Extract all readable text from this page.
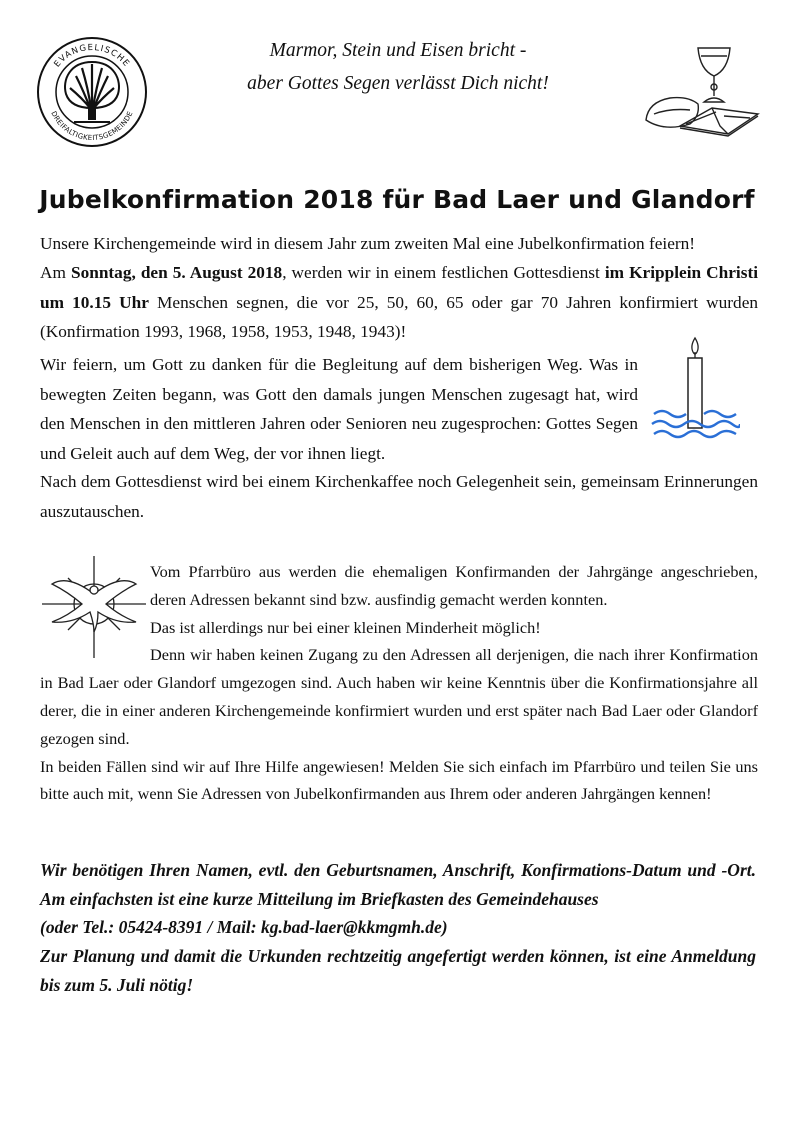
EVANGELISCHE
DREIFALTIGKEITSGEMEINDE
Marmor, Stein und Eisen bricht -
aber Gottes Segen verlässt Dich nicht!
Jubelkonfirmation 2018 für Bad Laer und Glandorf
Unsere Kirchengemeinde wird in diesem Jahr zum zweiten Mal eine Jubelkonfirmation feiern!
Am Sonntag, den 5. August 2018, werden wir in einem festlichen Gottesdienst im Kripplein Christi um 10.15 Uhr Menschen segnen, die vor 25, 50, 60, 65 oder gar 70 Jahren konfirmiert wurden (Konfirmation 1993, 1968, 1958, 1953, 1948, 1943)!
Wir feiern, um Gott zu danken für die Begleitung auf dem bisherigen Weg. Was in bewegten Zeiten begann, was Gott den damals jungen Menschen zugesagt hat, wird den Menschen in den mittleren Jahren oder Senioren neu zugesprochen: Gottes Segen und Geleit auch auf dem Weg, der vor ihnen liegt.
Nach dem Gottesdienst wird bei einem Kirchenkaffee noch Gelegenheit sein, gemeinsam Erinnerungen auszutauschen.
Vom Pfarrbüro aus werden die ehemaligen Konfirmanden der Jahrgänge angeschrieben, deren Adressen bekannt sind bzw. ausfindig gemacht werden konnten.
Das ist allerdings nur bei einer kleinen Minderheit möglich!
Denn wir haben keinen Zugang zu den Adressen all derjenigen, die nach ihrer Konfirmation in Bad Laer oder Glandorf umgezogen sind. Auch haben wir keine Kenntnis über die Konfirmationsjahre all derer, die in einer anderen Kirchengemeinde konfirmiert wurden und erst später nach Bad Laer oder Glandorf gezogen sind.
In beiden Fällen sind wir auf Ihre Hilfe angewiesen! Melden Sie sich einfach im Pfarrbüro und teilen Sie uns bitte auch mit, wenn Sie Adressen von Jubelkonfirmanden aus Ihrem oder anderen Jahrgängen kennen!
Wir benötigen Ihren Namen, evtl. den Geburtsnamen, Anschrift, Konfirmations-Datum und -Ort. Am einfachsten ist eine kurze Mitteilung im Briefkasten des Gemeindehauses
(oder Tel.: 05424-8391 / Mail: kg.bad-laer@kkmgmh.de)
Zur Planung und damit die Urkunden rechtzeitig angefertigt werden können, ist eine Anmeldung bis zum 5. Juli nötig!
